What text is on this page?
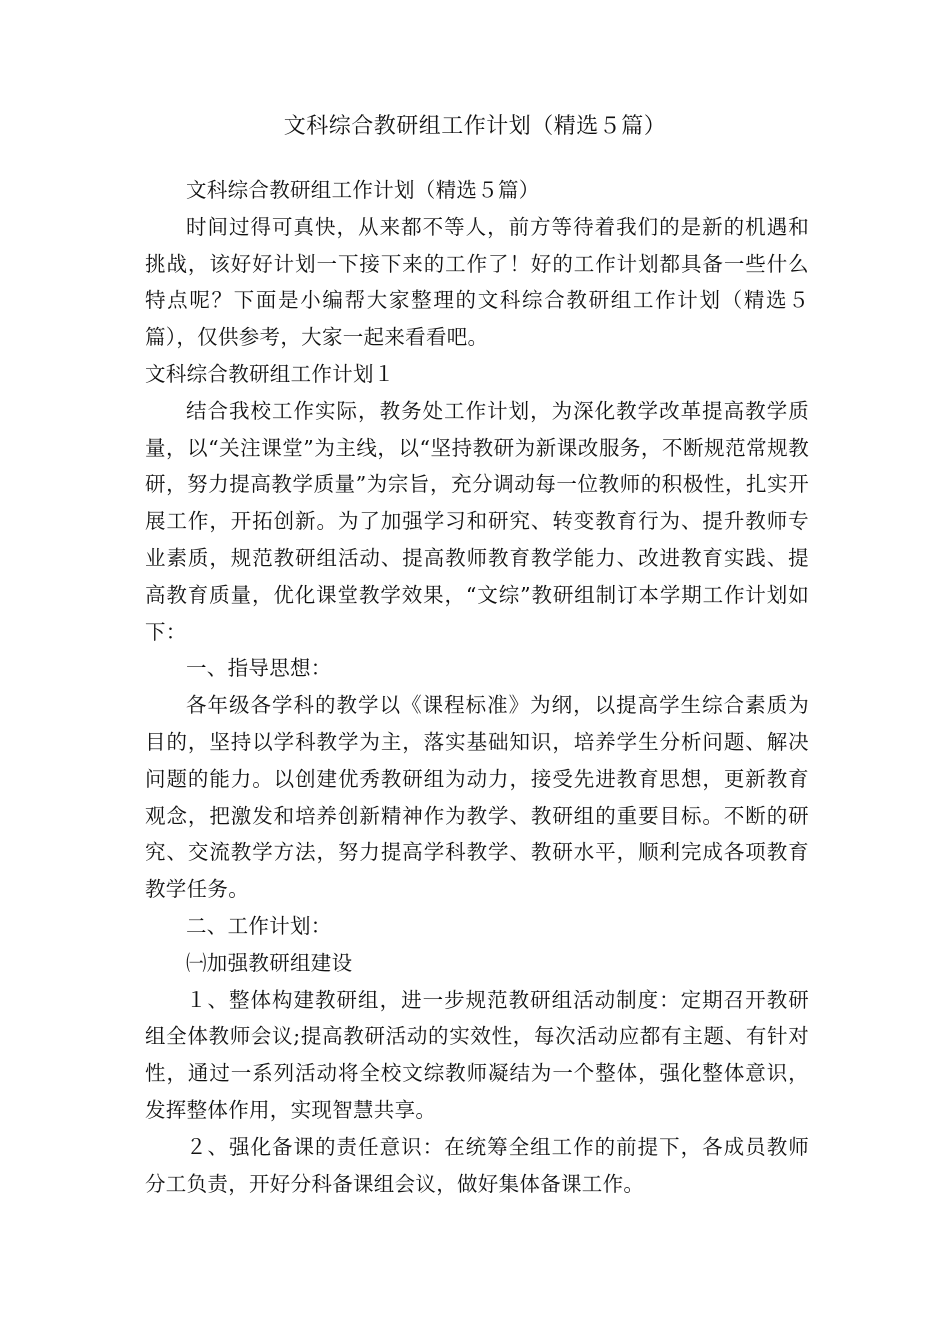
文科综合教研组工作计划（精选５篇）

文科综合教研组工作计划（精选５篇）

时间过得可真快，从来都不等人，前方等待着我们的是新的机遇和挑战，该好好计划一下接下来的工作了！好的工作计划都具备一些什么特点呢？下面是小编帮大家整理的文科综合教研组工作计划（精选５篇），仅供参考，大家一起来看看吧。

文科综合教研组工作计划１

结合我校工作实际，教务处工作计划，为深化教学改革提高教学质量，以“关注课堂”为主线，以“坚持教研为新课改服务，不断规范常规教研，努力提高教学质量”为宗旨，充分调动每一位教师的积极性，扎实开展工作，开拓创新。为了加强学习和研究、转变教育行为、提升教师专业素质，规范教研组活动、提高教师教育教学能力、改进教育实践、提高教育质量，优化课堂教学效果，“文综”教研组制订本学期工作计划如下：

一、指导思想：

各年级各学科的教学以《课程标准》为纲，以提高学生综合素质为目的，坚持以学科教学为主，落实基础知识，培养学生分析问题、解决问题的能力。以创建优秀教研组为动力，接受先进教育思想，更新教育观念，把激发和培养创新精神作为教学、教研组的重要目标。不断的研究、交流教学方法，努力提高学科教学、教研水平，顺利完成各项教育教学任务。

二、工作计划：

㈠加强教研组建设

１、整体构建教研组，进一步规范教研组活动制度：定期召开教研组全体教师会议;提高教研活动的实效性，每次活动应都有主题、有针对性，通过一系列活动将全校文综教师凝结为一个整体，强化整体意识，发挥整体作用，实现智慧共享。

２、强化备课的责任意识：在统筹全组工作的前提下，各成员教师分工负责，开好分科备课组会议，做好集体备课工作。
